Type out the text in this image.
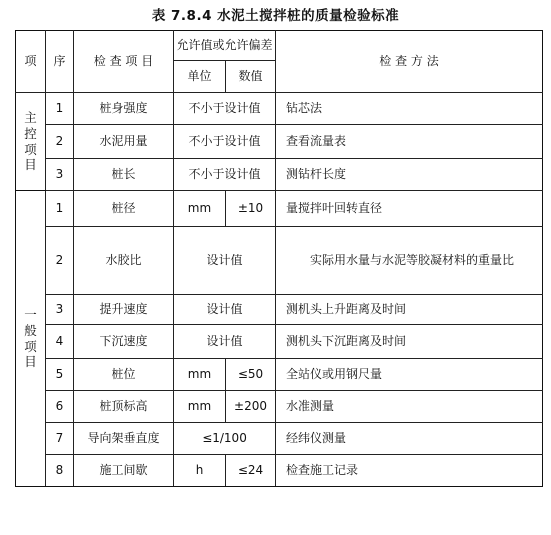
表 7.8.4 水泥土搅拌桩的质量检验标准
项	序	检 查 项 目	允许值或允许偏差		检 查 方 法
			单位	数值	
主
控
项
目	1	桩身强度	不小于设计值		钻芯法
	2	水泥用量	不小于设计值		查看流量表
	3	桩长	不小于设计值		测钻杆长度
一
般
项
目	1	桩径	mm	±10	量搅拌叶回转直径
	2	水胶比	设计值		实际用水量与水泥等胶凝材料的重量比
	3	提升速度	设计值		测机头上升距离及时间
	4	下沉速度	设计值		测机头下沉距离及时间
	5	桩位	mm	≤50	全站仪或用钢尺量
	6	桩顶标高	mm	±200	水准测量
	7	导向架垂直度	≤1/100		经纬仪测量
	8	施工间歇	h	≤24	检查施工记录
